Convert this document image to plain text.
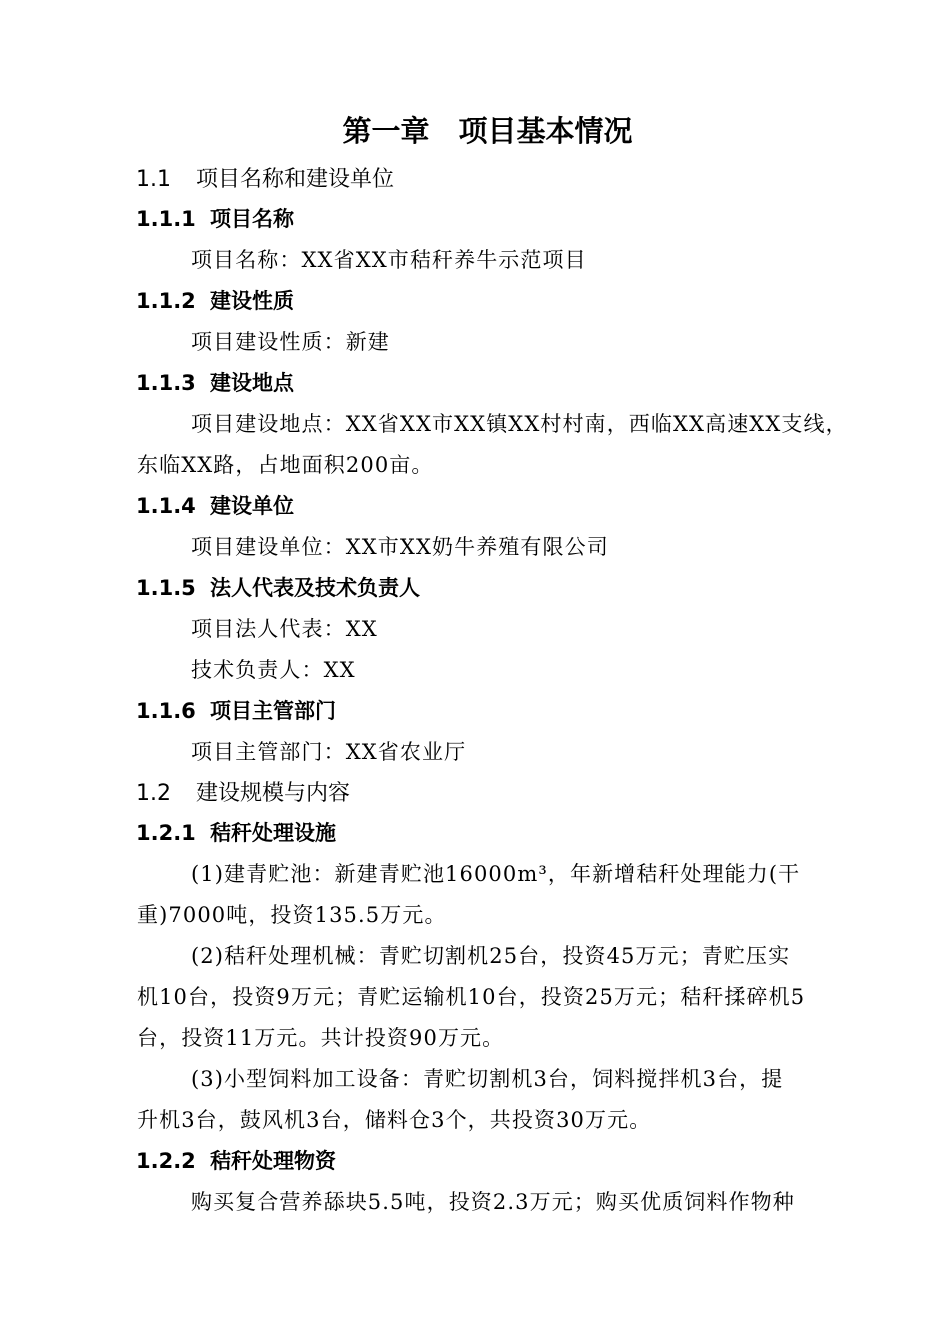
第一章　项目基本情况
1.1 项目名称和建设单位
1.1.1 项目名称
项目名称：XX省XX市秸秆养牛示范项目
1.1.2 建设性质
项目建设性质：新建
1.1.3 建设地点
项目建设地点：XX省XX市XX镇XX村村南，西临XX高速XX支线，
东临XX路，占地面积200亩。
1.1.4 建设单位
项目建设单位：XX市XX奶牛养殖有限公司
1.1.5 法人代表及技术负责人
项目法人代表：XX
技术负责人：XX
1.1.6 项目主管部门
项目主管部门：XX省农业厅
1.2 建设规模与内容
1.2.1 秸秆处理设施
(1)建青贮池：新建青贮池16000m³，年新增秸秆处理能力(干
重)7000吨，投资135.5万元。
(2)秸秆处理机械：青贮切割机25台，投资45万元；青贮压实
机10台，投资9万元；青贮运输机10台，投资25万元；秸秆揉碎机5
台，投资11万元。共计投资90万元。
(3)小型饲料加工设备：青贮切割机3台，饲料搅拌机3台，提
升机3台，鼓风机3台，储料仓3个，共投资30万元。
1.2.2 秸秆处理物资
购买复合营养舔块5.5吨，投资2.3万元；购买优质饲料作物种
